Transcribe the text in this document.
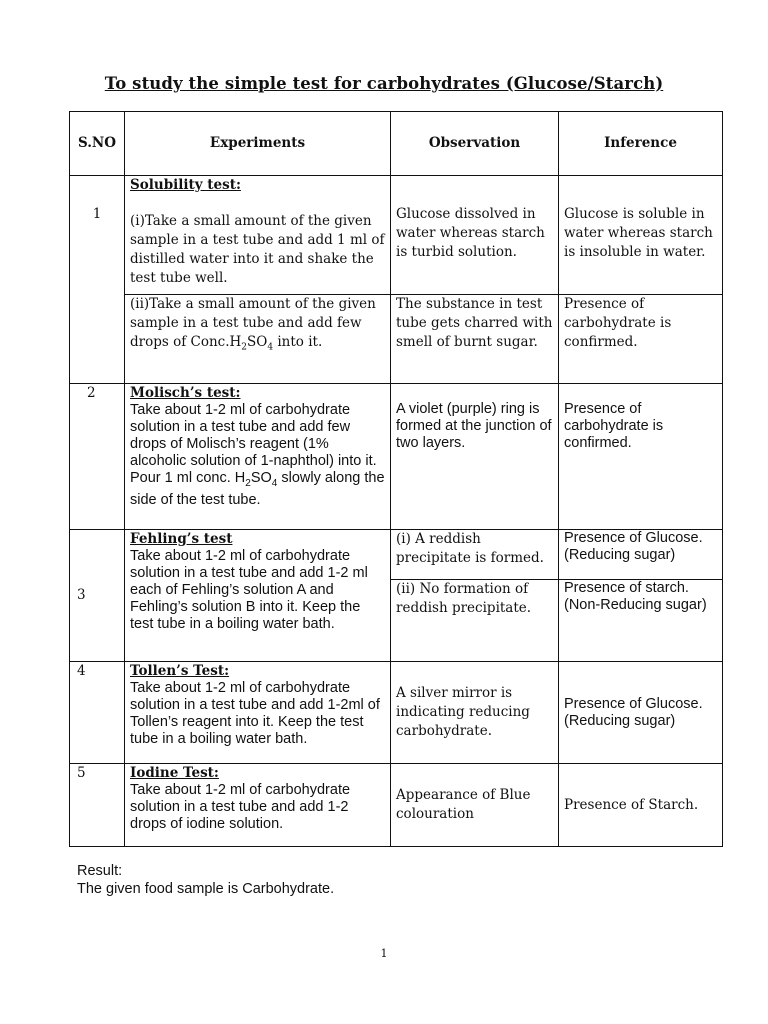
To study the simple test for carbohydrates (Glucose/Starch)
S.NO	Experiments	Observation	Inference

1	Solubility test:
(i)Take a small amount of the given sample in a test tube and add 1 ml of distilled water into it and shake the test tube well.	Glucose dissolved in water whereas starch is turbid solution.	Glucose is soluble in water whereas starch is insoluble in water.
	(ii)Take a small amount of the given sample in a test tube and add few drops of $Conc.H_2SO_4$ into it.	The substance in test tube gets charred with smell of burnt sugar.	Presence of carbohydrate is confirmed.
2	Molisch’s test:
Take about 1-2 ml of carbohydrate solution in a test tube and add few drops of Molisch’s reagent (1% alcoholic solution of 1-naphthol) into it. Pour 1 ml conc. $H_2SO_4$ slowly along the side of the test tube.	A violet (purple) ring is formed at the junction of two layers.	Presence of carbohydrate is confirmed.
3	Fehling’s test
Take about 1-2 ml of carbohydrate solution in a test tube and add 1-2 ml each of Fehling’s solution A and Fehling’s solution B into it. Keep the test tube in a boiling water bath.	(i) A reddish precipitate is formed.	Presence of Glucose.
(Reducing sugar)

		(ii) No formation of reddish precipitate.	Presence of starch.
(Non-Reducing sugar)

4	Tollen’s Test:
Take about 1-2 ml of carbohydrate solution in a test tube and add 1-2ml of Tollen’s reagent into it. Keep the test tube in a boiling water bath.	A silver mirror is indicating reducing carbohydrate.	Presence of Glucose.
(Reducing sugar)

5	Iodine Test:
Take about 1-2 ml of carbohydrate solution in a test tube and add 1-2 drops of iodine solution.	Appearance of Blue colouration	Presence of Starch.
Result:
The given food sample is Carbohydrate.
1
